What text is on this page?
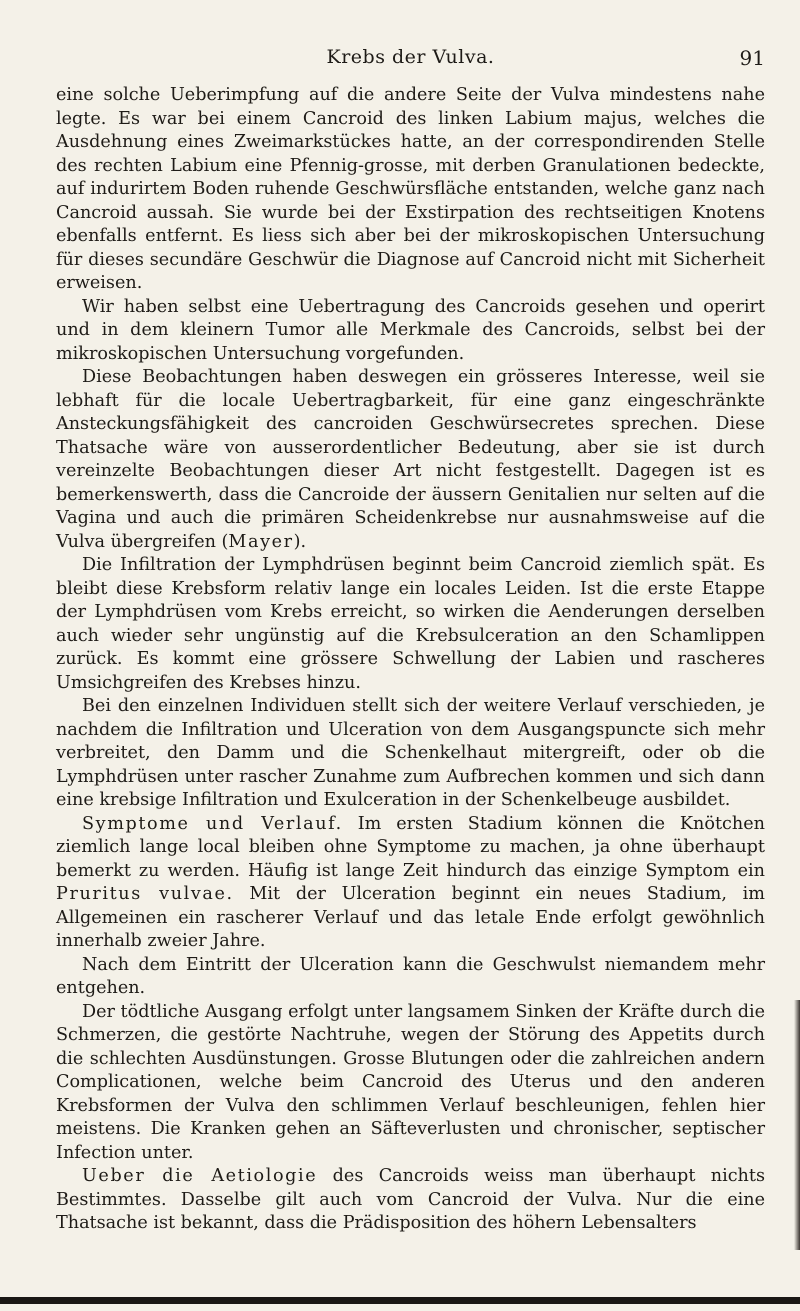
Krebs der Vulva.	91

eine solche Ueberimpfung auf die andere Seite der Vulva mindestens nahe legte. Es war bei einem Cancroid des linken Labium majus, welches die Ausdehnung eines Zweimarkstückes hatte, an der correspondirenden Stelle des rechten Labium eine Pfennig-grosse, mit derben Granulationen bedeckte, auf indurirtem Boden ruhende Geschwürsfläche entstanden, welche ganz nach Cancroid aussah. Sie wurde bei der Exstirpation des rechtseitigen Knotens ebenfalls entfernt. Es liess sich aber bei der mikroskopischen Untersuchung für dieses secundäre Geschwür die Diagnose auf Cancroid nicht mit Sicherheit erweisen.

Wir haben selbst eine Uebertragung des Cancroids gesehen und operirt und in dem kleinern Tumor alle Merkmale des Cancroids, selbst bei der mikroskopischen Untersuchung vorgefunden.

Diese Beobachtungen haben deswegen ein grösseres Interesse, weil sie lebhaft für die locale Uebertragbarkeit, für eine ganz eingeschränkte Ansteckungsfähigkeit des cancroiden Geschwürsecretes sprechen. Diese Thatsache wäre von ausserordentlicher Bedeutung, aber sie ist durch vereinzelte Beobachtungen dieser Art nicht festgestellt. Dagegen ist es bemerkenswerth, dass die Cancroide der äussern Genitalien nur selten auf die Vagina und auch die primären Scheidenkrebse nur ausnahmsweise auf die Vulva übergreifen (Mayer).

Die Infiltration der Lymphdrüsen beginnt beim Cancroid ziemlich spät. Es bleibt diese Krebsform relativ lange ein locales Leiden. Ist die erste Etappe der Lymphdrüsen vom Krebs erreicht, so wirken die Aenderungen derselben auch wieder sehr ungünstig auf die Krebsulceration an den Schamlippen zurück. Es kommt eine grössere Schwellung der Labien und rascheres Umsichgreifen des Krebses hinzu.

Bei den einzelnen Individuen stellt sich der weitere Verlauf verschieden, je nachdem die Infiltration und Ulceration von dem Ausgangspuncte sich mehr verbreitet, den Damm und die Schenkelhaut mitergreift, oder ob die Lymphdrüsen unter rascher Zunahme zum Aufbrechen kommen und sich dann eine krebsige Infiltration und Exulceration in der Schenkelbeuge ausbildet.

Symptome und Verlauf. Im ersten Stadium können die Knötchen ziemlich lange local bleiben ohne Symptome zu machen, ja ohne überhaupt bemerkt zu werden. Häufig ist lange Zeit hindurch das einzige Symptom ein Pruritus vulvae. Mit der Ulceration beginnt ein neues Stadium, im Allgemeinen ein rascherer Verlauf und das letale Ende erfolgt gewöhnlich innerhalb zweier Jahre.

Nach dem Eintritt der Ulceration kann die Geschwulst niemandem mehr entgehen.

Der tödtliche Ausgang erfolgt unter langsamem Sinken der Kräfte durch die Schmerzen, die gestörte Nachtruhe, wegen der Störung des Appetits durch die schlechten Ausdünstungen. Grosse Blutungen oder die zahlreichen andern Complicationen, welche beim Cancroid des Uterus und den anderen Krebsformen der Vulva den schlimmen Verlauf beschleunigen, fehlen hier meistens. Die Kranken gehen an Säfteverlusten und chronischer, septischer Infection unter.

Ueber die Aetiologie des Cancroids weiss man überhaupt nichts Bestimmtes. Dasselbe gilt auch vom Cancroid der Vulva. Nur die eine Thatsache ist bekannt, dass die Prädisposition des höhern Lebensalters
